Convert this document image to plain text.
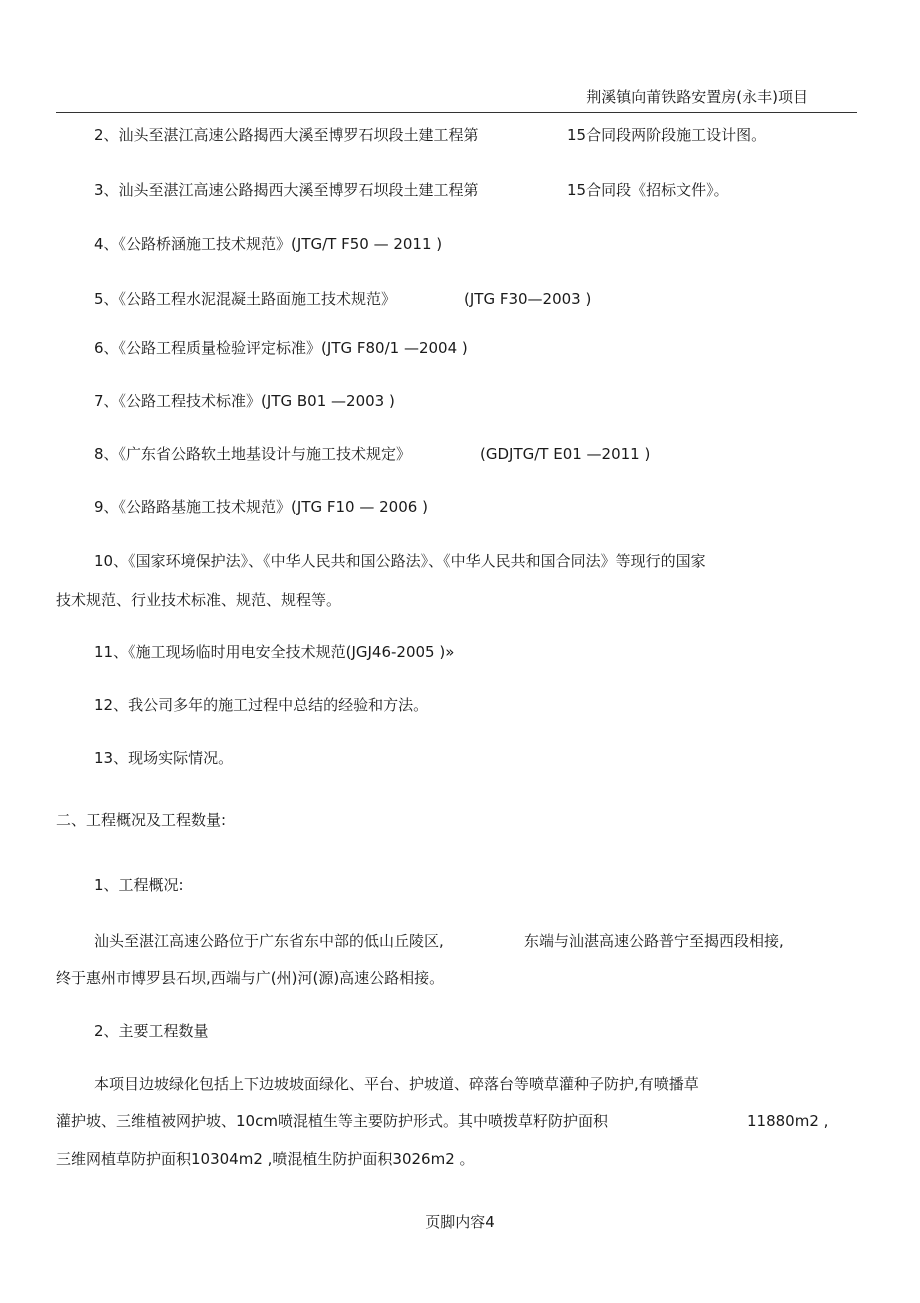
荆溪镇向莆铁路安置房(永丰)项目
2、汕头至湛江高速公路揭西大溪至博罗石坝段土建工程第	15合同段两阶段施工设计图。
3、汕头至湛江高速公路揭西大溪至博罗石坝段土建工程第	15合同段《招标文件》。
4、《公路桥涵施工技术规范》(JTG/T F50 — 2011 )
5、《公路工程水泥混凝土路面施工技术规范》	(JTG F30—2003 )
6、《公路工程质量检验评定标准》(JTG F80/1 —2004 )
7、《公路工程技术标准》(JTG B01 —2003 )
8、《广东省公路软土地基设计与施工技术规定》	(GDJTG/T E01 —2011 )
9、《公路路基施工技术规范》(JTG F10 — 2006 )
10、《国家环境保护法》、《中华人民共和国公路法》、《中华人民共和国合同法》等现行的国家
技术规范、行业技术标准、规范、规程等。
11、《施工现场临时用电安全技术规范(JGJ46-2005 )»
12、我公司多年的施工过程中总结的经验和方法。
13、现场实际情况。
二、工程概况及工程数量:
1、工程概况:
汕头至湛江高速公路位于广东省东中部的低山丘陵区,	东端与汕湛高速公路普宁至揭西段相接,
终于惠州市博罗县石坝,西端与广(州)河(源)高速公路相接。
2、主要工程数量
本项目边坡绿化包括上下边坡坡面绿化、平台、护坡道、碎落台等喷草灌种子防护,有喷播草
灌护坡、三维植被网护坡、10cm喷混植生等主要防护形式。其中喷拨草籽防护面积	11880m2 ,
三维网植草防护面积10304m2 ,喷混植生防护面积3026m2 。
页脚内容4
